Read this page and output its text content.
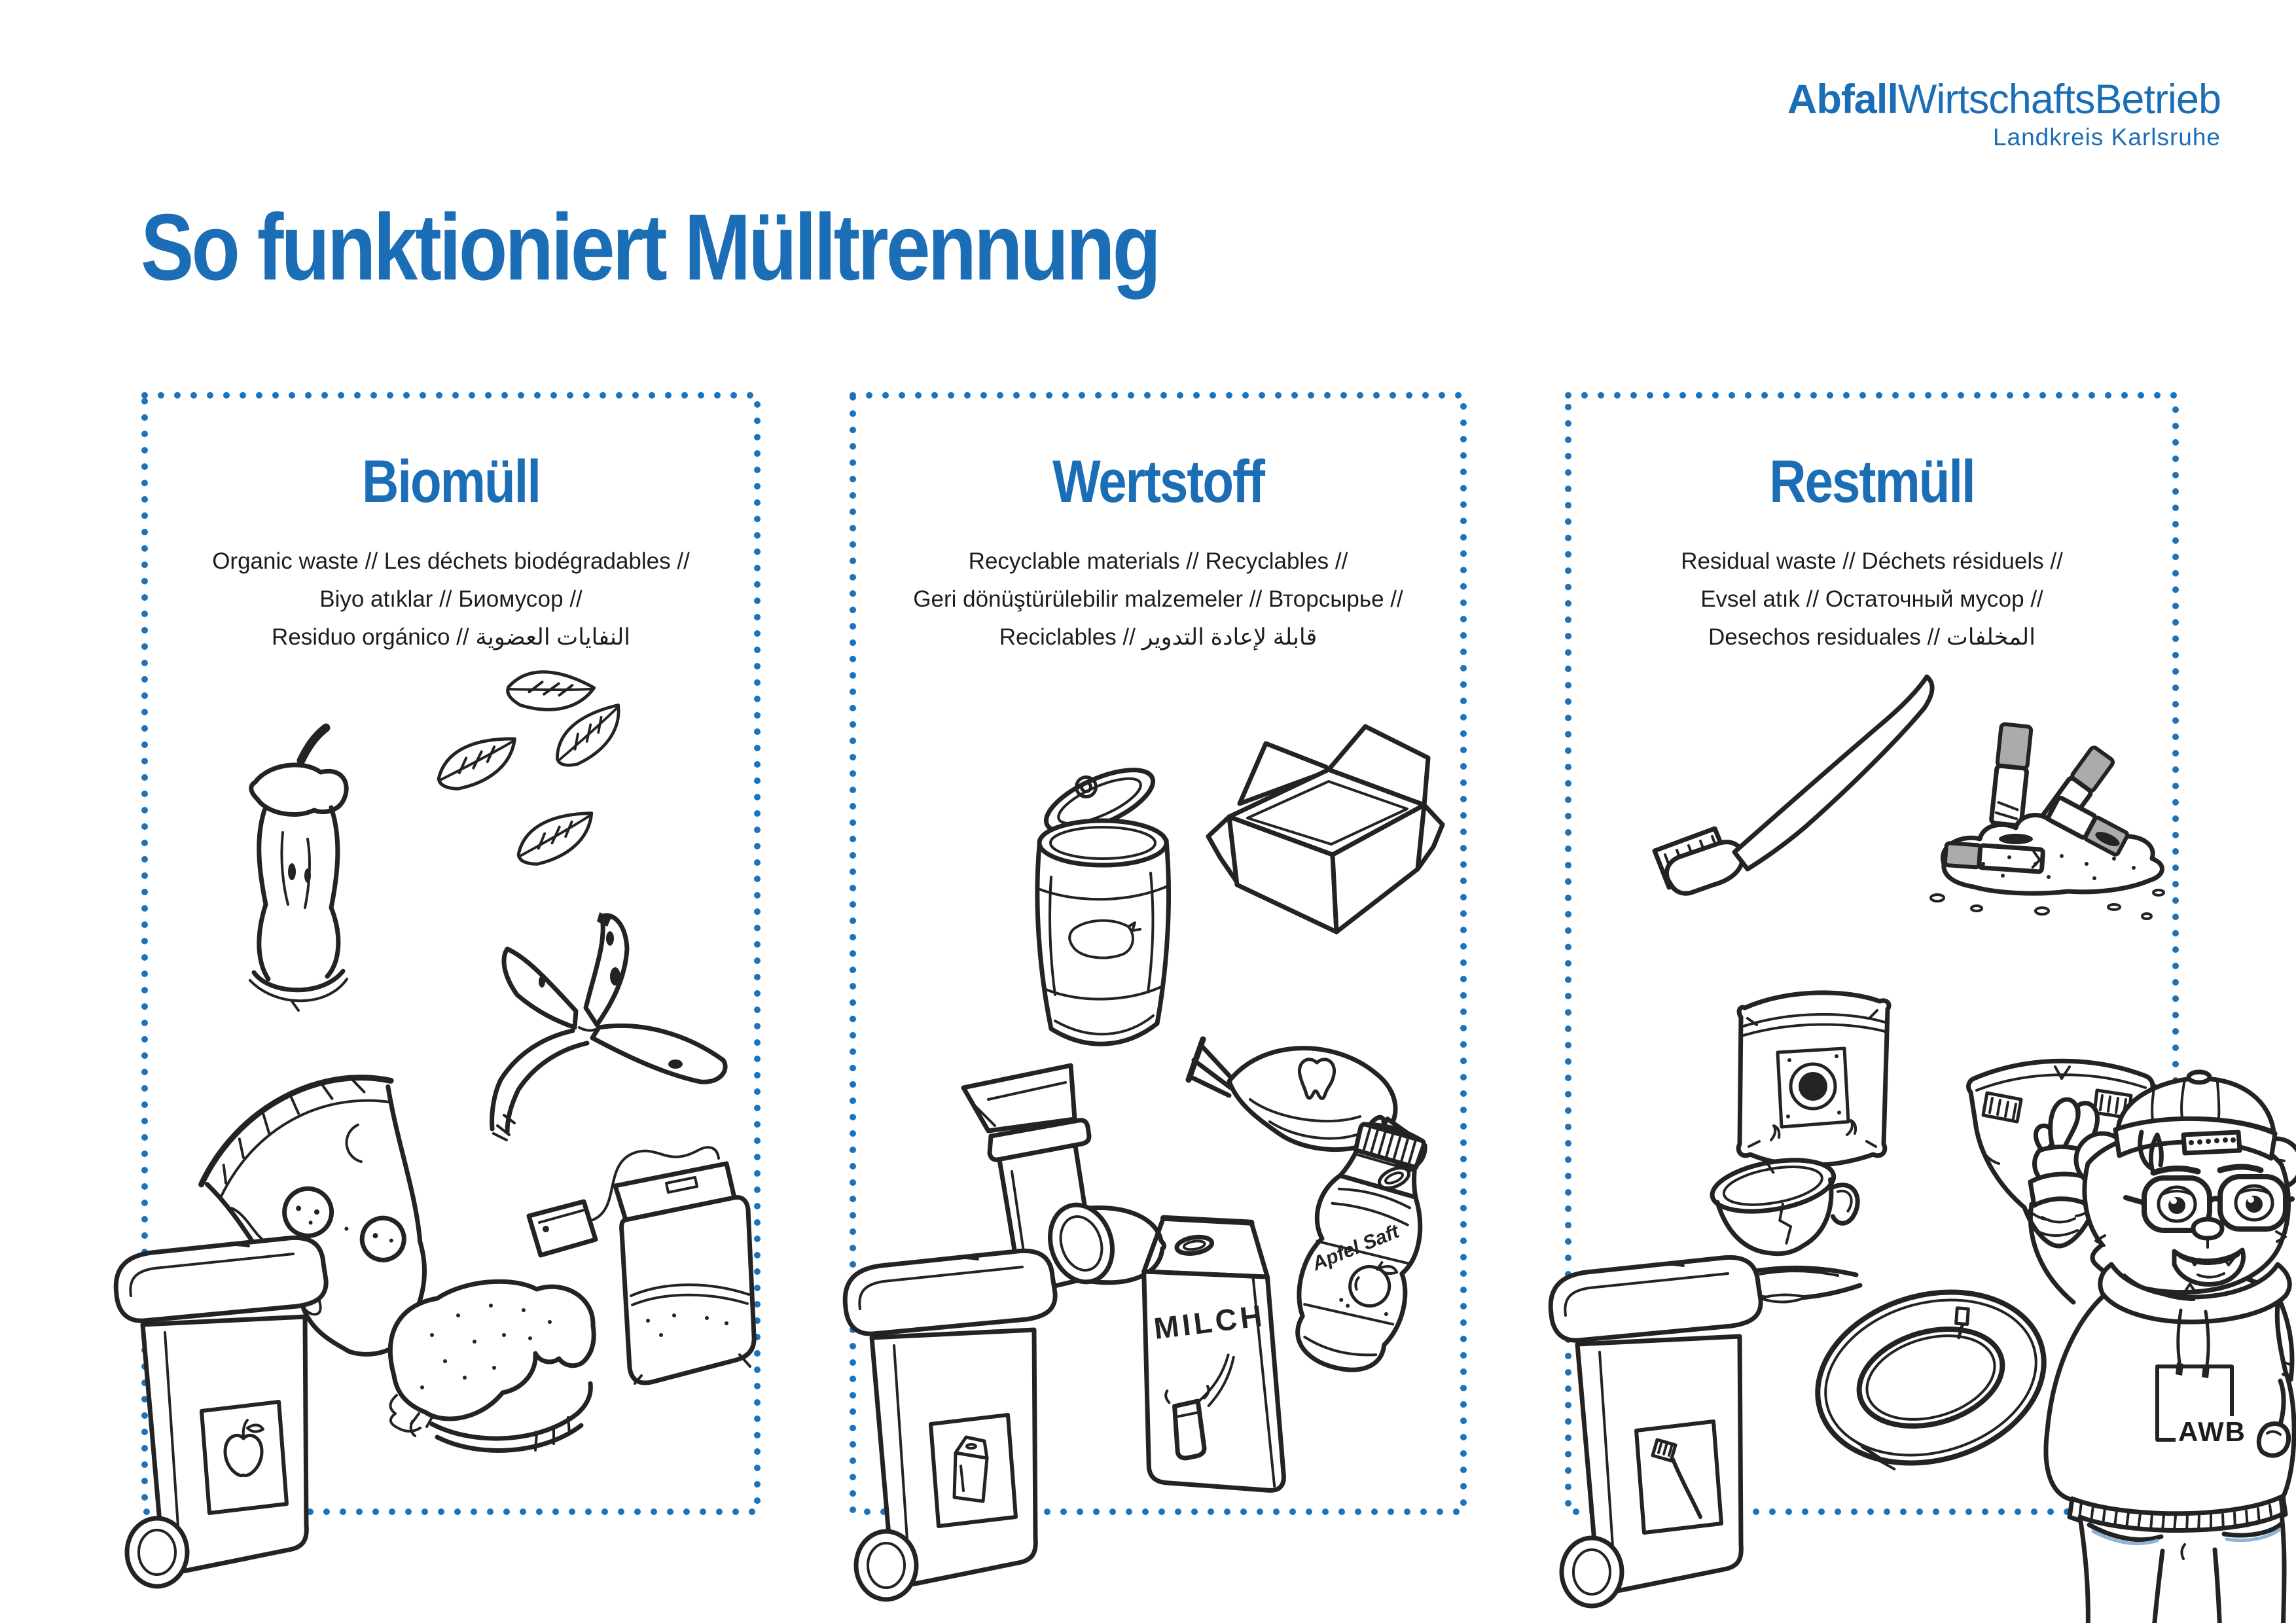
AbfallWirtschaftsBetrieb
Landkreis Karlsruhe
So funktioniert Mülltrennung
Biomüll
Organic waste // Les déchets biodégradables //
Biyo atıklar // Биомусор //
Residuo orgánico // النفايات العضوية
Wertstoff
Recyclable materials // Recyclables //
Geri dönüştürülebilir malzemeler // Вторсырье //
Reciclables // قابلة لإعادة التدوير
Restmüll
Residual waste // Déchets résiduels //
Evsel atık // Остаточный мусор //
Desechos residuales // المخلفات
MILCH
Apfel Saft
AWB
